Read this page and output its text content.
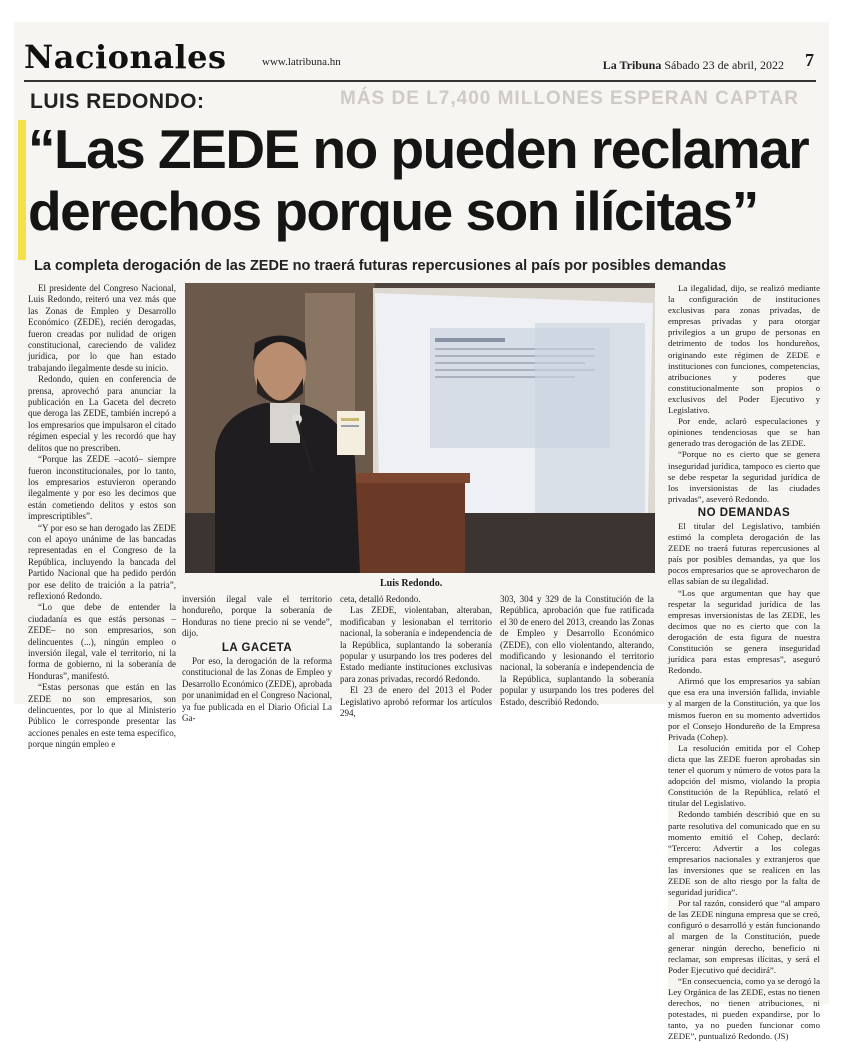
MÁS DE L7,400 MILLONES ESPERAN CAPTAR
Nacionales	www.latribuna.hn	La Tribuna Sábado 23 de abril, 2022 7
LUIS REDONDO:
“Las ZEDE no pueden reclamar derechos porque son ilícitas”
La completa derogación de las ZEDE no traerá futuras repercusiones al país por posibles demandas

El presidente del Congreso Nacional, Luis Redondo, reiteró una vez más que las Zonas de Empleo y Desarrollo Económico (ZEDE), recién derogadas, fueron creadas por nulidad de origen constitucional, careciendo de validez jurídica, por lo que han estado trabajando ilegalmente desde su inicio.

Redondo, quien en conferencia de prensa, aprovechó para anunciar la publicación en La Gaceta del decreto que deroga las ZEDE, también increpó a los empresarios que impulsaron el citado régimen especial y les recordó que hay delitos que no prescriben.

“Porque las ZEDE –acotó– siempre fueron inconstitucionales, por lo tanto, los empresarios estuvieron operando ilegalmente y por eso les decimos que están cometiendo delitos y estos son imprescriptibles”.

“Y por eso se han derogado las ZEDE con el apoyo unánime de las bancadas representadas en el Congreso de la República, incluyendo la bancada del Partido Nacional que ha pedido perdón por ese delito de traición a la patria”, reflexionó Redondo.

“Lo que debe de entender la ciudadanía es que estás personas –ZEDE– no son empresarios, son delincuentes (...), ningún empleo o inversión ilegal, vale el territorio, ni la forma de gobierno, ni la soberanía de Honduras”, manifestó.

“Estas personas que están en las ZEDE no son empresarios, son delincuentes, por lo que al Ministerio Público le corresponde presentar las acciones penales en este tema específico, porque ningún empleo e

Luis Redondo.

inversión ilegal vale el territorio hondureño, porque la soberanía de Honduras no tiene precio ni se vende”, dijo.

LA GACETA

Por eso, la derogación de la reforma constitucional de las Zonas de Empleo y Desarrollo Económico (ZEDE), aprobada por unanimidad en el Congreso Nacional, ya fue publicada en el Diario Oficial La Ga-

ceta, detalló Redondo.

Las ZEDE, violentaban, alteraban, modificaban y lesionaban el territorio nacional, la soberanía e independencia de la República, suplantando la soberanía popular y usurpando los tres poderes del Estado mediante instituciones exclusivas para zonas privadas, recordó Redondo.

El 23 de enero del 2013 el Poder Legislativo aprobó reformar los artículos 294,

303, 304 y 329 de la Constitución de la República, aprobación que fue ratificada el 30 de enero del 2013, creando las Zonas de Empleo y Desarrollo Económico (ZEDE), con ello violentando, alterando, modificando y lesionando el territorio nacional, la soberanía e independencia de la República, suplantando la soberanía popular y usurpando los tres poderes del Estado, describió Redondo.

La ilegalidad, dijo, se realizó mediante la configuración de instituciones exclusivas para zonas privadas, de empresas privadas y para otorgar privilegios a un grupo de personas en detrimento de todos los hondureños, originando este régimen de ZEDE e instituciones con funciones, competencias, atribuciones y poderes que constitucionalmente son propios o exclusivos del Poder Ejecutivo y Legislativo.

Por ende, aclaró especulaciones y opiniones tendenciosas que se han generado tras derogación de las ZEDE.

“Porque no es cierto que se genera inseguridad jurídica, tampoco es cierto que se debe respetar la seguridad jurídica de los inversionistas de las ciudades privadas”, aseveró Redondo.

NO DEMANDAS

El titular del Legislativo, también estimó la completa derogación de las ZEDE no traerá futuras repercusiones al país por posibles demandas, ya que los pocos empresarios que se aprovecharon de ellas sabían de su ilegalidad.

“Los que argumentan que hay que respetar la seguridad jurídica de las empresas inversionistas de las ZEDE, les decimos que no es cierto que con la derogación de esta figura de nuestra Constitución se genera inseguridad jurídica para estas empresas”, aseguró Redondo.

Afirmó que los empresarios ya sabían que esa era una inversión fallida, inviable y al margen de la Constitución, ya que los mismos fueron en su momento advertidos por el Consejo Hondureño de la Empresa Privada (Cohep).

La resolución emitida por el Cohep dicta que las ZEDE fueron aprobadas sin tener el quorum y número de votos para la adopción del mismo, violando la propia Constitución de la República, relató el titular del Legislativo.

Redondo también describió que en su parte resolutiva del comunicado que en su momento emitió el Cohep, declaró: “Tercero: Advertir a los colegas empresarios nacionales y extranjeros que las inversiones que se realicen en las ZEDE son de alto riesgo por la falta de seguridad jurídica”.

Por tal razón, consideró que “al amparo de las ZEDE ninguna empresa que se creó, configuró o desarrolló y están funcionando al margen de la Constitución, puede generar ningún derecho, beneficio ni reclamar, son empresas ilícitas, y será el Poder Ejecutivo qué decidirá”.

“En consecuencia, como ya se derogó la Ley Orgánica de las ZEDE, estas no tienen derechos, no tienen atribuciones, ni potestades, ni pueden expandirse, por lo tanto, ya no pueden funcionar como ZEDE”, puntualizó Redondo. (JS)
